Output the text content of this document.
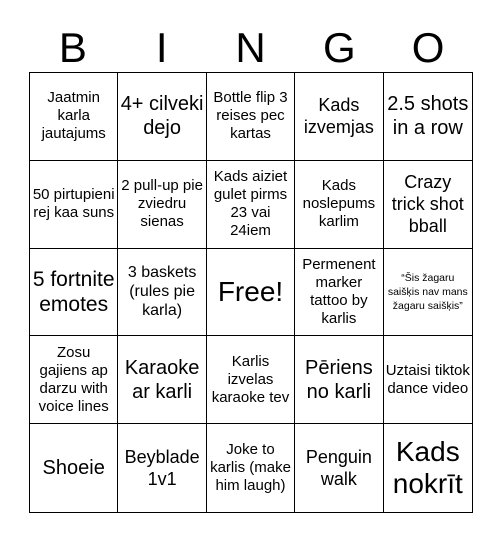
B	I	N	G	O
Jaatmin karla jautajums
4+ cilveki dejo
Bottle flip 3 reises pec kartas
Kads izvemjas
2.5 shots in a row
50 pirtupieni rej kaa suns
2 pull-up pie zviedru sienas
Kads aiziet gulet pirms 23 vai 24iem
Kads noslepums karlim
Crazy trick shot bball
5 fortnite emotes
3 baskets (rules pie karla)
Free!
Permenent marker tattoo by karlis
“Šis žagaru saišķis nav mans žagaru saišķis”
Zosu gajiens ap darzu with voice lines
Karaoke ar karli
Karlis izvelas karaoke tev
Pēriens no karli
Uztaisi tiktok dance video
Shoeie	Beyblade 1v1
Joke to karlis (make him laugh)
Penguin walk
Kads nokrīt
